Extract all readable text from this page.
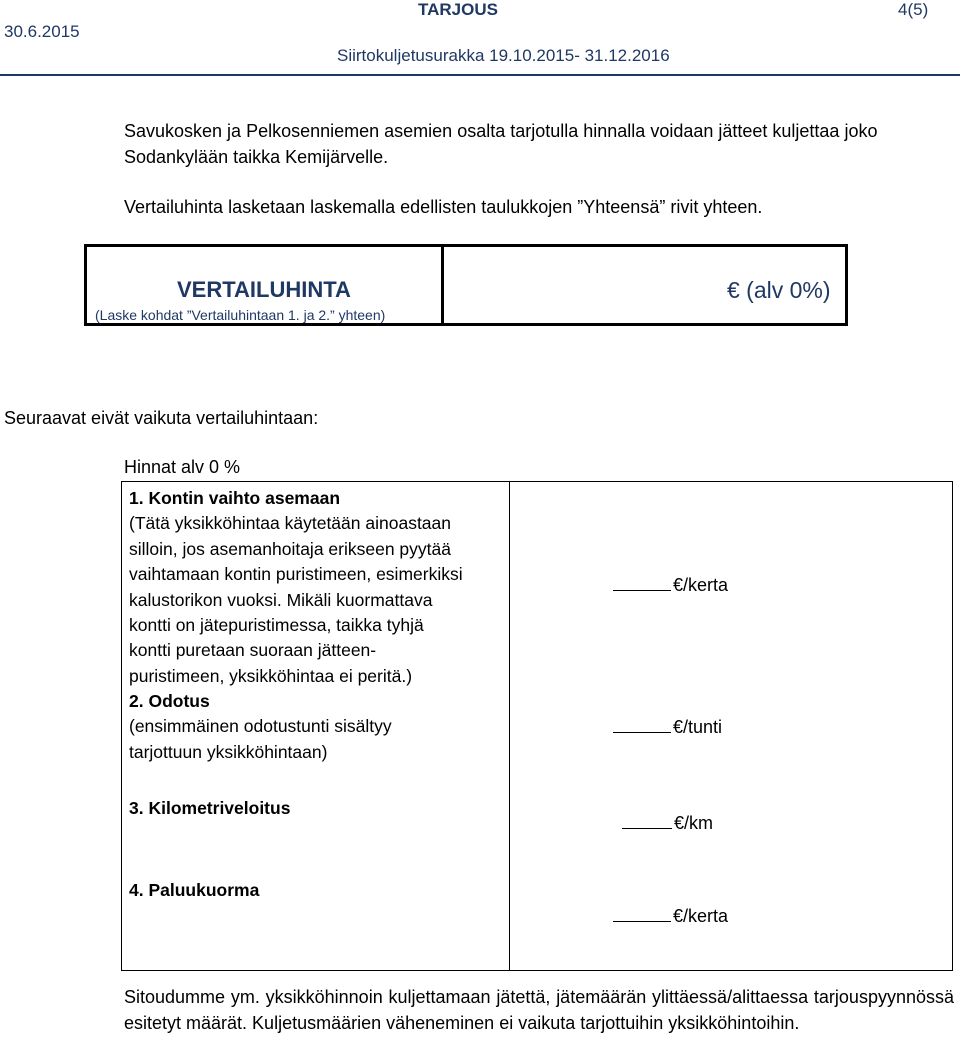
TARJOUS	4(5)
30.6.2015
Siirtokuljetusurakka 19.10.2015- 31.12.2016
Savukosken ja Pelkosenniemen asemien osalta tarjotulla hinnalla voidaan jätteet kuljettaa joko
Sodankylään taikka Kemijärvelle.
Vertailuhinta lasketaan laskemalla edellisten taulukkojen ”Yhteensä” rivit yhteen.
VERTAILUHINTA
(Laske kohdat ”Vertailuhintaan 1. ja 2.” yhteen)
€ (alv 0%)
Seuraavat eivät vaikuta vertailuhintaan:
Hinnat alv 0 %
1. Kontin vaihto asemaan
(Tätä yksikköhintaa käytetään ainoastaan
silloin, jos asemanhoitaja erikseen pyytää
vaihtamaan kontin puristimeen, esimerkiksi
kalustorikon vuoksi. Mikäli kuormattava
kontti on jätepuristimessa, taikka tyhjä
kontti puretaan suoraan jätteen-
puristimeen, yksikköhintaa ei peritä.)
€/kerta
2. Odotus
(ensimmäinen odotustunti sisältyy
tarjottuun yksikköhintaan)
€/tunti
3. Kilometriveloitus
€/km
4. Paluukuorma
€/kerta
Sitoudumme ym. yksikköhinnoin kuljettamaan jätettä, jätemäärän ylittäessä/alittaessa tarjouspyynnössä esitetyt määrät. Kuljetusmäärien väheneminen ei vaikuta tarjottuihin yksikköhintoihin.
